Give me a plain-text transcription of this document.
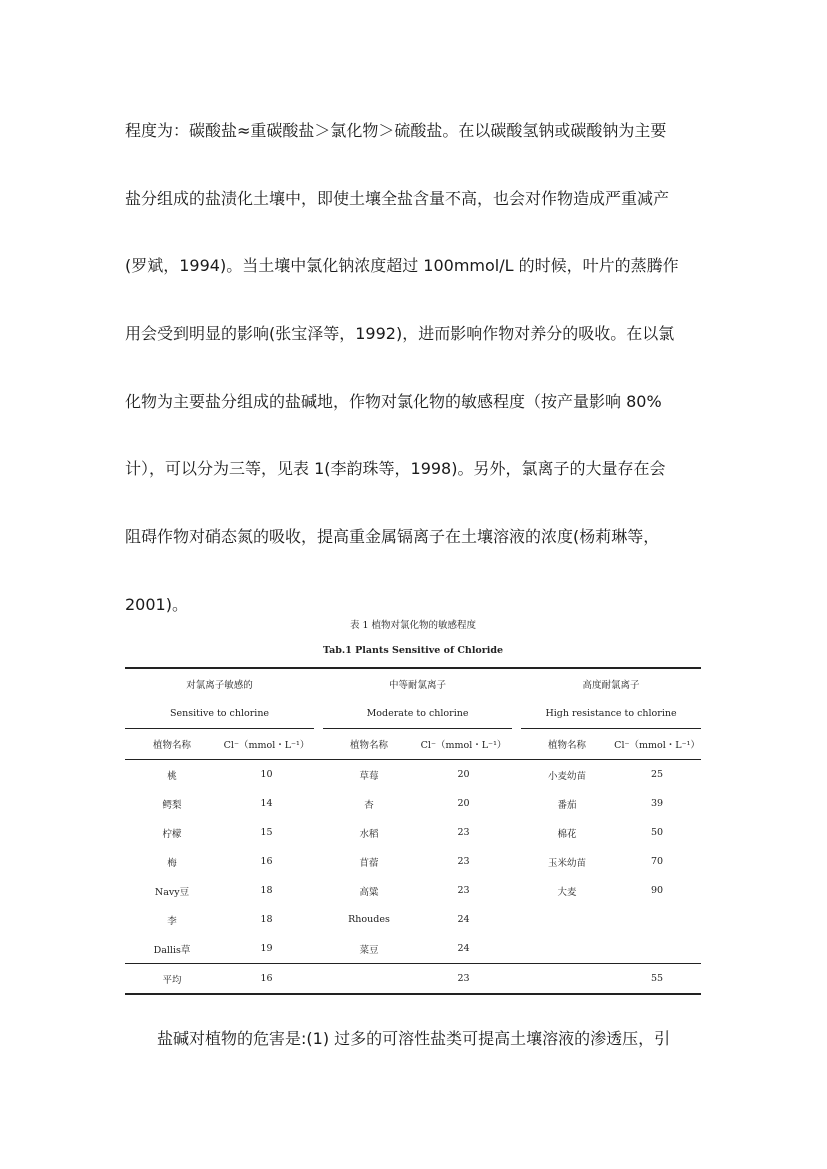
程度为：碳酸盐≈重碳酸盐＞氯化物＞硫酸盐。在以碳酸氢钠或碳酸钠为主要
盐分组成的盐渍化土壤中，即使土壤全盐含量不高，也会对作物造成严重减产
(罗斌，1994)。当土壤中氯化钠浓度超过 100mmol/L 的时候，叶片的蒸腾作
用会受到明显的影响(张宝泽等，1992)，进而影响作物对养分的吸收。在以氯
化物为主要盐分组成的盐碱地，作物对氯化物的敏感程度（按产量影响 80%
计），可以分为三等，见表 1(李韵珠等，1998)。另外，氯离子的大量存在会
阻碍作物对硝态氮的吸收，提高重金属镉离子在土壤溶液的浓度(杨莉琳等，
2001)。
表 1 植物对氯化物的敏感程度
Tab.1 Plants Sensitive of Chloride
对氯离子敏感的			中等耐氯离子			高度耐氯离子	
Sensitive to chlorine			Moderate to chlorine			High resistance to chlorine	
植物名称	Cl⁻（mmol・L⁻¹）		植物名称	Cl⁻（mmol・L⁻¹）		植物名称	Cl⁻（mmol・L⁻¹）
桃	10		草莓	20		小麦幼苗	25
鳄梨	14		杏	20		番茄	39
柠檬	15		水稻	23		棉花	50
梅	16		苜蓿	23		玉米幼苗	70
Navy豆	18		高粱	23		大麦	90
李	18		Rhoudes	24			
Dallis草	19		菜豆	24			
平均	16			23			55
盐碱对植物的危害是:(1) 过多的可溶性盐类可提高土壤溶液的渗透压，引
